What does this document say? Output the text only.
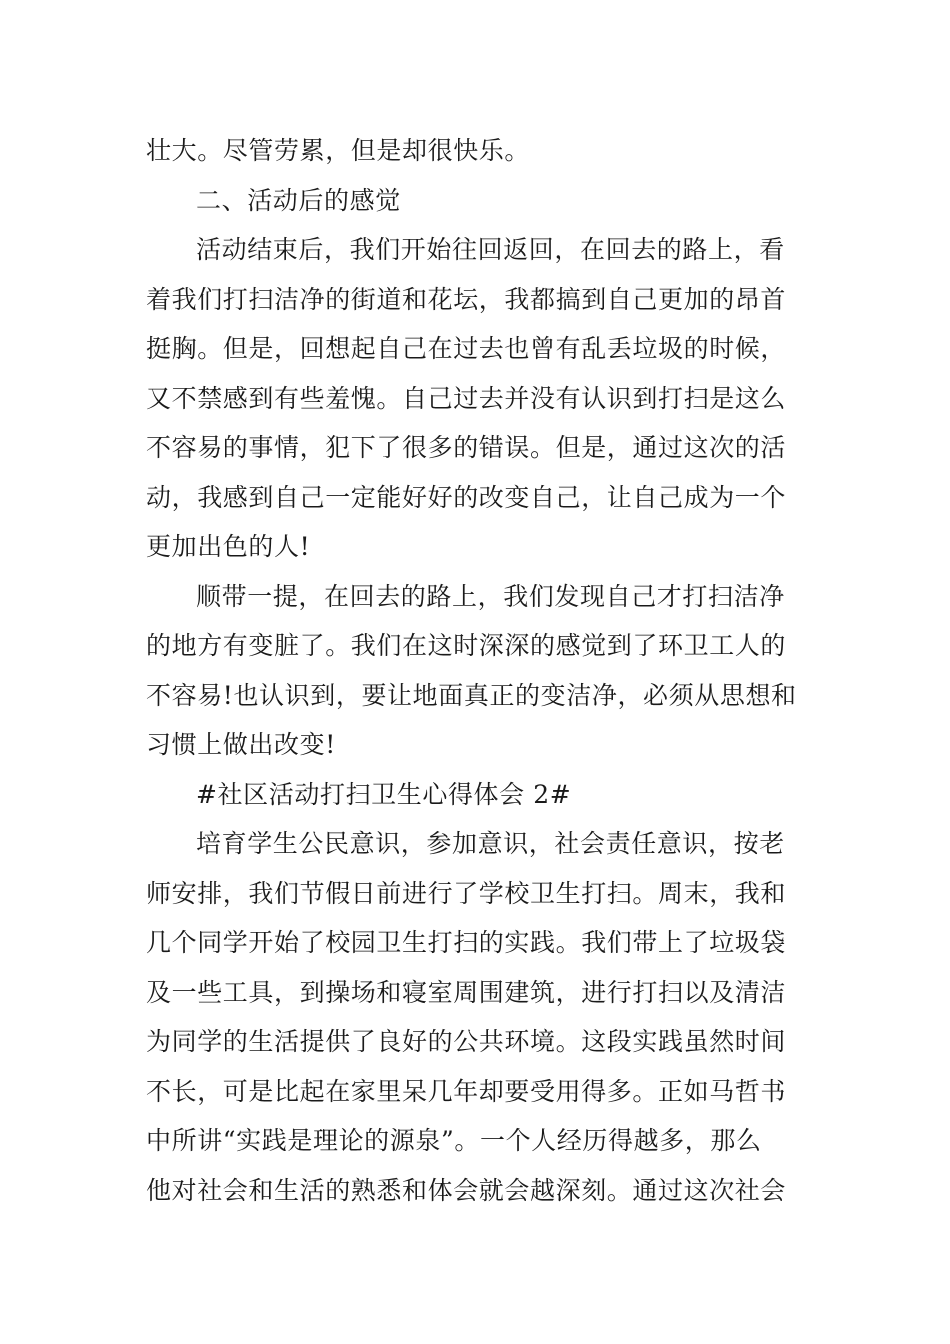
壮大。尽管劳累，但是却很快乐。

二、活动后的感觉

活动结束后，我们开始往回返回，在回去的路上，看
着我们打扫洁净的街道和花坛，我都搞到自己更加的昂首
挺胸。但是，回想起自己在过去也曾有乱丢垃圾的时候，
又不禁感到有些羞愧。自己过去并没有认识到打扫是这么
不容易的事情，犯下了很多的错误。但是，通过这次的活
动，我感到自己一定能好好的改变自己，让自己成为一个
更加出色的人!

顺带一提，在回去的路上，我们发现自己才打扫洁净
的地方有变脏了。我们在这时深深的感觉到了环卫工人的
不容易!也认识到，要让地面真正的变洁净，必须从思想和
习惯上做出改变!

#社区活动打扫卫生心得体会 2#

培育学生公民意识，参加意识，社会责任意识，按老
师安排，我们节假日前进行了学校卫生打扫。周末，我和
几个同学开始了校园卫生打扫的实践。我们带上了垃圾袋
及一些工具，到操场和寝室周围建筑，进行打扫以及清洁
为同学的生活提供了良好的公共环境。这段实践虽然时间
不长，可是比起在家里呆几年却要受用得多。正如马哲书
中所讲“实践是理论的源泉”。一个人经历得越多，那么
他对社会和生活的熟悉和体会就会越深刻。通过这次社会
